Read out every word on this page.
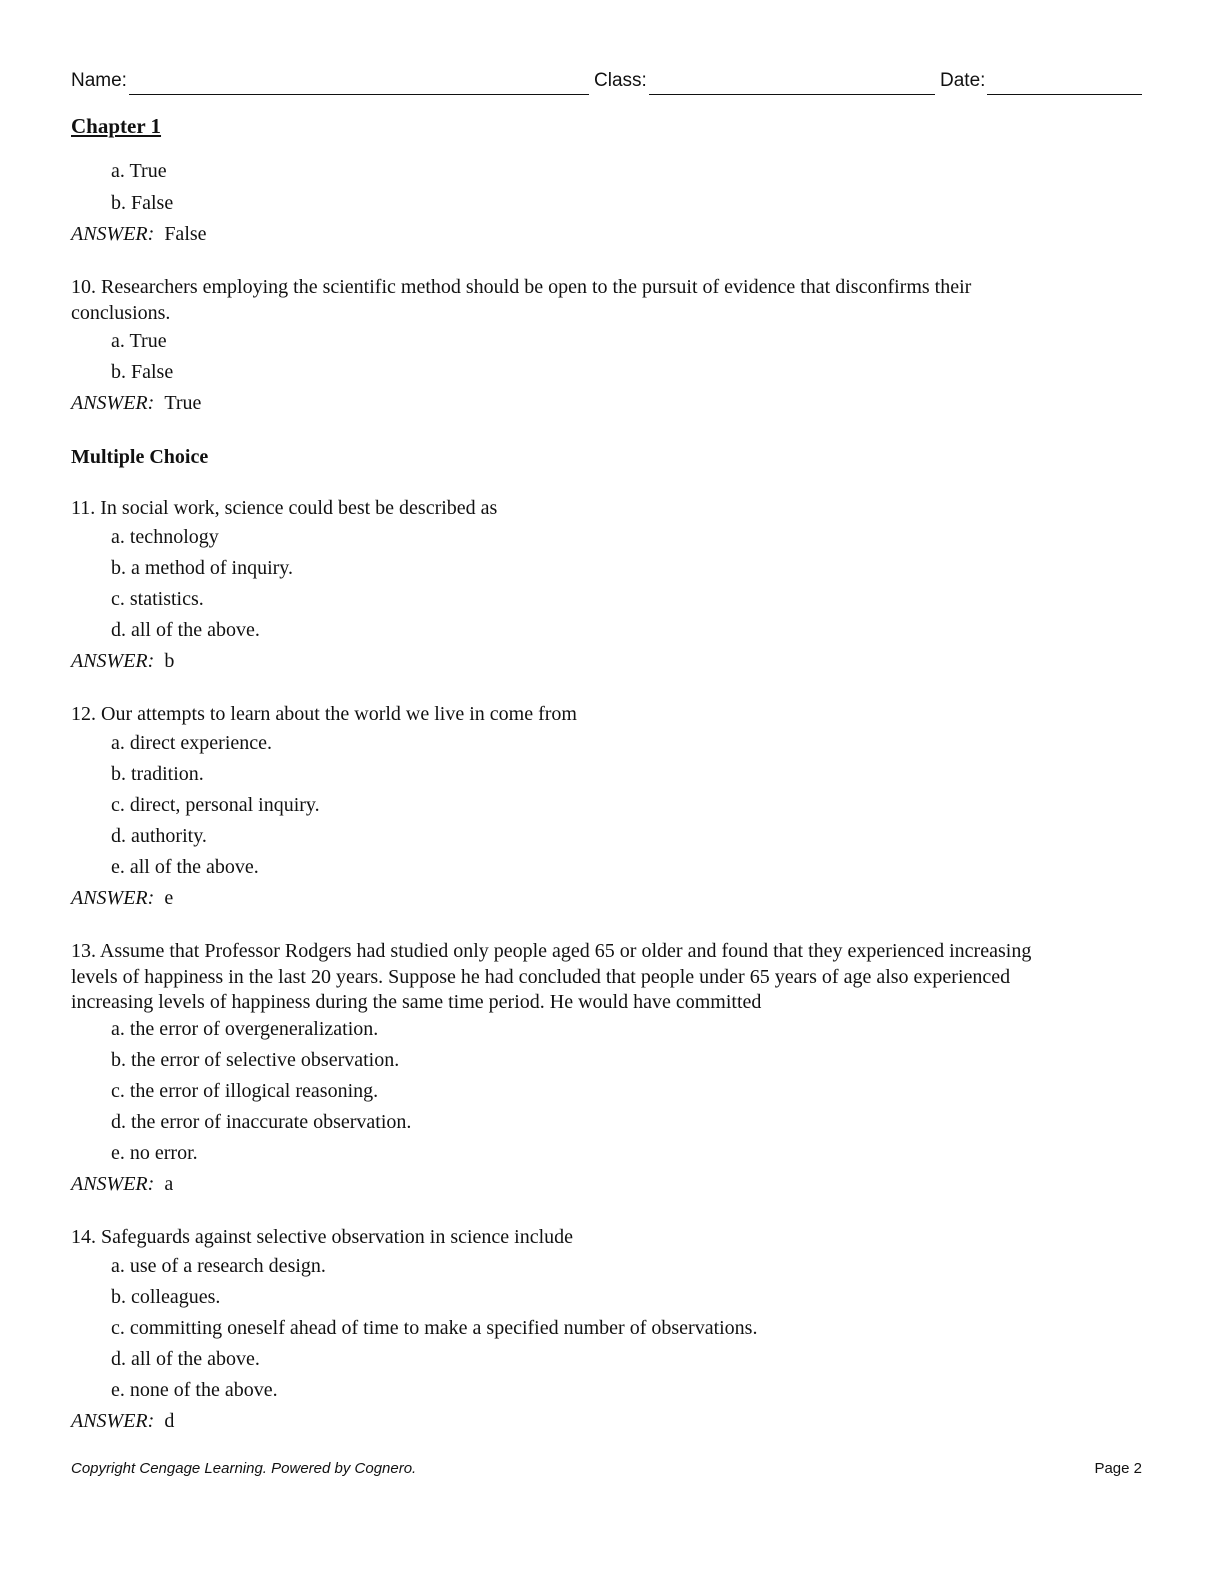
Name:	Class:	Date:
Chapter 1
a. True
b. False
ANSWER: False
10. Researchers employing the scientific method should be open to the pursuit of evidence that disconfirms their
conclusions.
a. True
b. False
ANSWER: True
Multiple Choice
11. In social work, science could best be described as
a. technology
b. a method of inquiry.
c. statistics.
d. all of the above.
ANSWER: b
12. Our attempts to learn about the world we live in come from
a. direct experience.
b. tradition.
c. direct, personal inquiry.
d. authority.
e. all of the above.
ANSWER: e
13. Assume that Professor Rodgers had studied only people aged 65 or older and found that they experienced increasing
levels of happiness in the last 20 years. Suppose he had concluded that people under 65 years of age also experienced
increasing levels of happiness during the same time period. He would have committed
a. the error of overgeneralization.
b. the error of selective observation.
c. the error of illogical reasoning.
d. the error of inaccurate observation.
e. no error.
ANSWER: a
14. Safeguards against selective observation in science include
a. use of a research design.
b. colleagues.
c. committing oneself ahead of time to make a specified number of observations.
d. all of the above.
e. none of the above.
ANSWER: d
Copyright Cengage Learning. Powered by Cognero.	Page 2
